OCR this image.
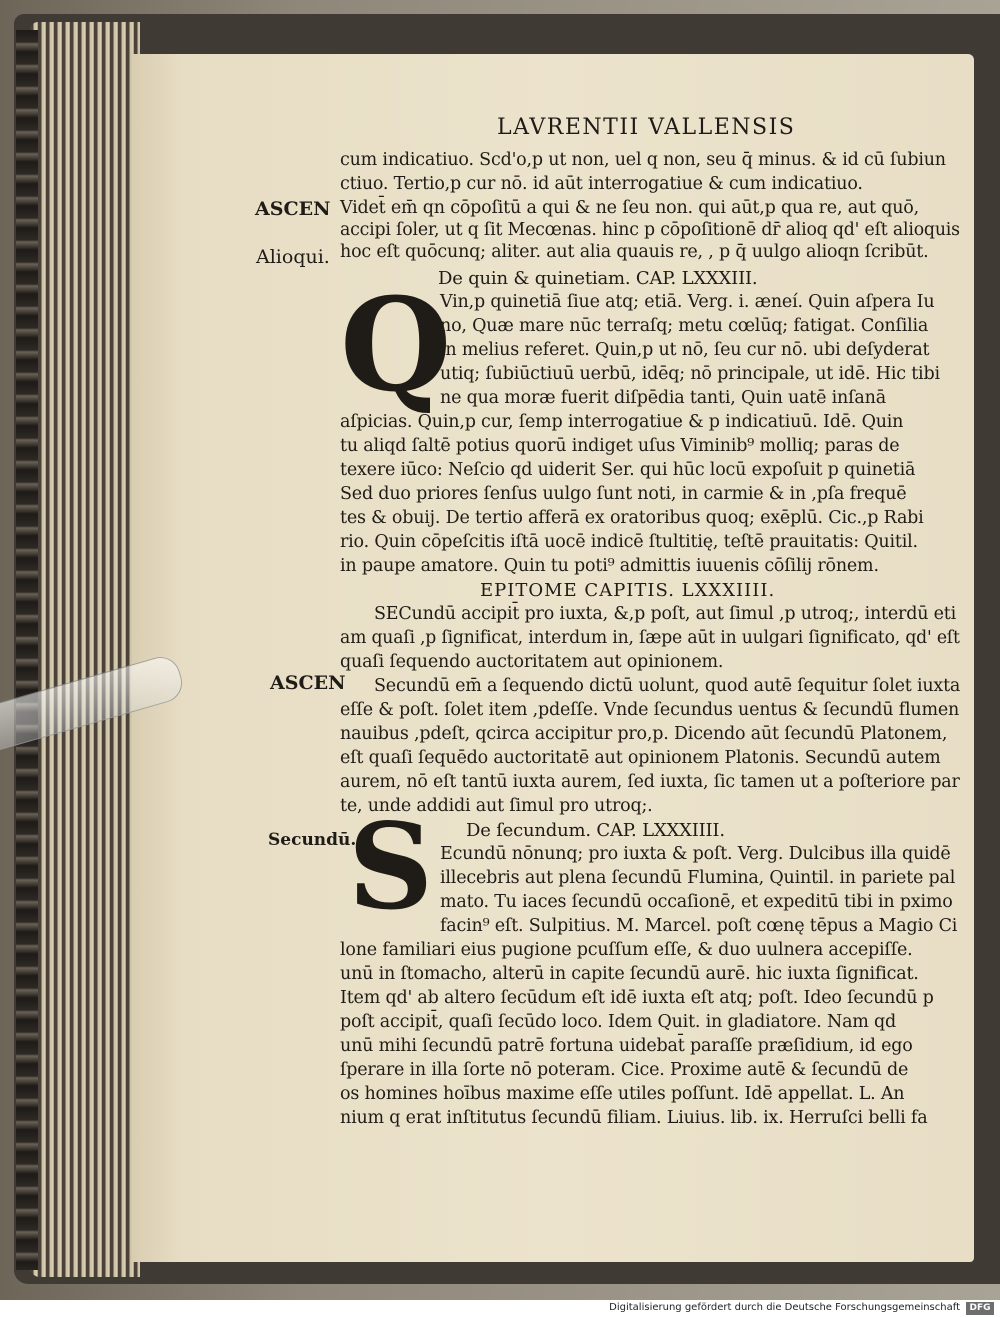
LAVRENTII VALLENSIS
ASCEN
Alioqui.
ASCEN
Secundū.
Q
S
cum indicatiuo. Scd'o,p ut non, uel q non, seu q̄ minus. & id cū ſubiun
ctiuo. Tertio,p cur nō. id aūt interrogatiue & cum indicatiuo.
Videt̄ em̄ qn cōpoſitū a qui & ne ſeu non. qui aūt,p qua re, aut quō,
accipi ſoler, ut q ſit Mecœnas. hinc p cōpoſitionē dr̄ alioq qd' eſt alioquis
hoc eſt quōcunq; aliter. aut alia quauis re, , p q̄ uulgo alioqn ſcribūt.
De quin & quinetiam. CAP. LXXXIII.
Vin,p quinetiā ſiue atq; etiā. Verg. i. æneí. Quin aſpera Iu
no, Quæ mare nūc terraſq; metu cœlūq; fatigat. Conſilia
in melius referet. Quin,p ut nō, ſeu cur nō. ubi deſyderat
utiq; ſubiūctiuū uerbū, idēq; nō principale, ut idē. Hic tibi
ne qua moræ fuerit diſpēdia tanti, Quin uatē inſanā
aſpicias. Quin,p cur, ſemp interrogatiue & p indicatiuū. Idē. Quin
tu aliqd ſaltē potius quorū indiget uſus Viminib⁹ molliq; paras de
texere iūco: Neſcio qd uiderit Ser. qui hūc locū expoſuit p quinetiā
Sed duo priores ſenſus uulgo ſunt noti, in carmie & in ,pſa frequē
tes & obuij. De tertio afferā ex oratoribus quoq; exēplū. Cic.,p Rabi
rio. Quin cōpeſcitis iſtā uocē indicē ſtultitię, teſtē prauitatis: Quitil.
in paupe amatore. Quin tu poti⁹ admittis iuuenis cōſilij rōnem.
EPITOME CAPITIS. LXXXIIII.
SECundū accipit̄ pro iuxta, &,p poſt, aut ſimul ,p utroq;, interdū eti
am quaſi ,p ſignificat, interdum in, ſæpe aūt in uulgari ſignificato, qd' eſt
quaſi ſequendo auctoritatem aut opinionem.
Secundū em̄ a ſequendo dictū uolunt, quod autē ſequitur ſolet iuxta
eſſe & poſt. ſolet item ,pdeſſe. Vnde ſecundus uentus & ſecundū flumen
nauibus ,pdeſt, qcirca accipitur pro,p. Dicendo aūt ſecundū Platonem,
eſt quaſi ſequēdo auctoritatē aut opinionem Platonis. Secundū autem
aurem, nō eſt tantū iuxta aurem, ſed iuxta, ſic tamen ut a poſteriore par
te, unde addidi aut ſimul pro utroq;.
De ſecundum. CAP. LXXXIIII.
Ecundū nōnunq; pro iuxta & poſt. Verg. Dulcibus illa quidē
illecebris aut plena ſecundū Flumina, Quintil. in pariete pal
mato. Tu iaces ſecundū occaſionē, et expeditū tibi in pximo
facin⁹ eſt. Sulpitius. M. Marcel. poſt cœnę tēpus a Magio Ci
lone familiari eius pugione pcuſſum eſſe, & duo uulnera accepiſſe.
unū in ſtomacho, alterū in capite ſecundū aurē. hic iuxta ſignificat.
Item qd' ab altero ſecūdum eſt idē iuxta eſt atq; poſt. Ideo ſecundū p
poſt accipit̄, quaſi ſecūdo loco. Idem Quit. in gladiatore. Nam qd
unū mihi ſecundū patrē fortuna uidebat̄ paraſſe præſidium, id ego
ſperare in illa ſorte nō poteram. Cice. Proxime autē & ſecundū de
os homines hoībus maxime eſſe utiles poſſunt. Idē appellat. L. An
nium q erat inſtitutus ſecundū filiam. Liuius. lib. ix. Herruſci belli fa
Digitalisierung gefördert durch die Deutsche Forschungsgemeinschaft	DFG
